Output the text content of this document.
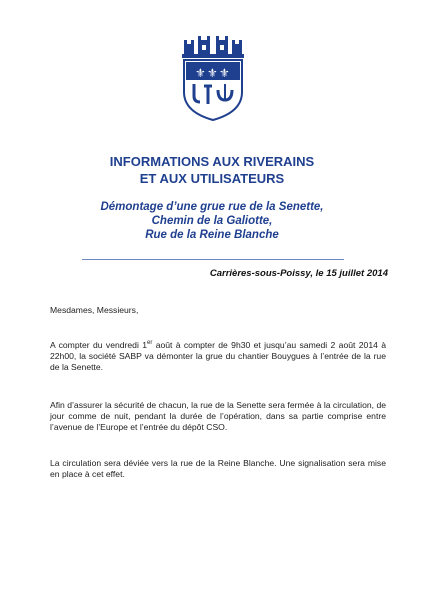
⚜ ⚜ ⚜
INFORMATIONS AUX RIVERAINS
ET AUX UTILISATEURS
Démontage d’une grue rue de la Senette,
Chemin de la Galiotte,
Rue de la Reine Blanche
Carrières-sous-Poissy, le 15 juillet 2014
Mesdames, Messieurs,
A compter du vendredi 1er août à compter de 9h30 et jusqu’au samedi 2 août 2014 à 22h00, la société SABP va démonter la grue du chantier Bouygues à l’entrée de la rue de la Senette.
Afin d’assurer la sécurité de chacun, la rue de la Senette sera fermée à la circulation, de jour comme de nuit, pendant la durée de l’opération, dans sa partie comprise entre l’avenue de l’Europe et l’entrée du dépôt CSO.
La circulation sera déviée vers la rue de la Reine Blanche. Une signalisation sera mise en place à cet effet.
